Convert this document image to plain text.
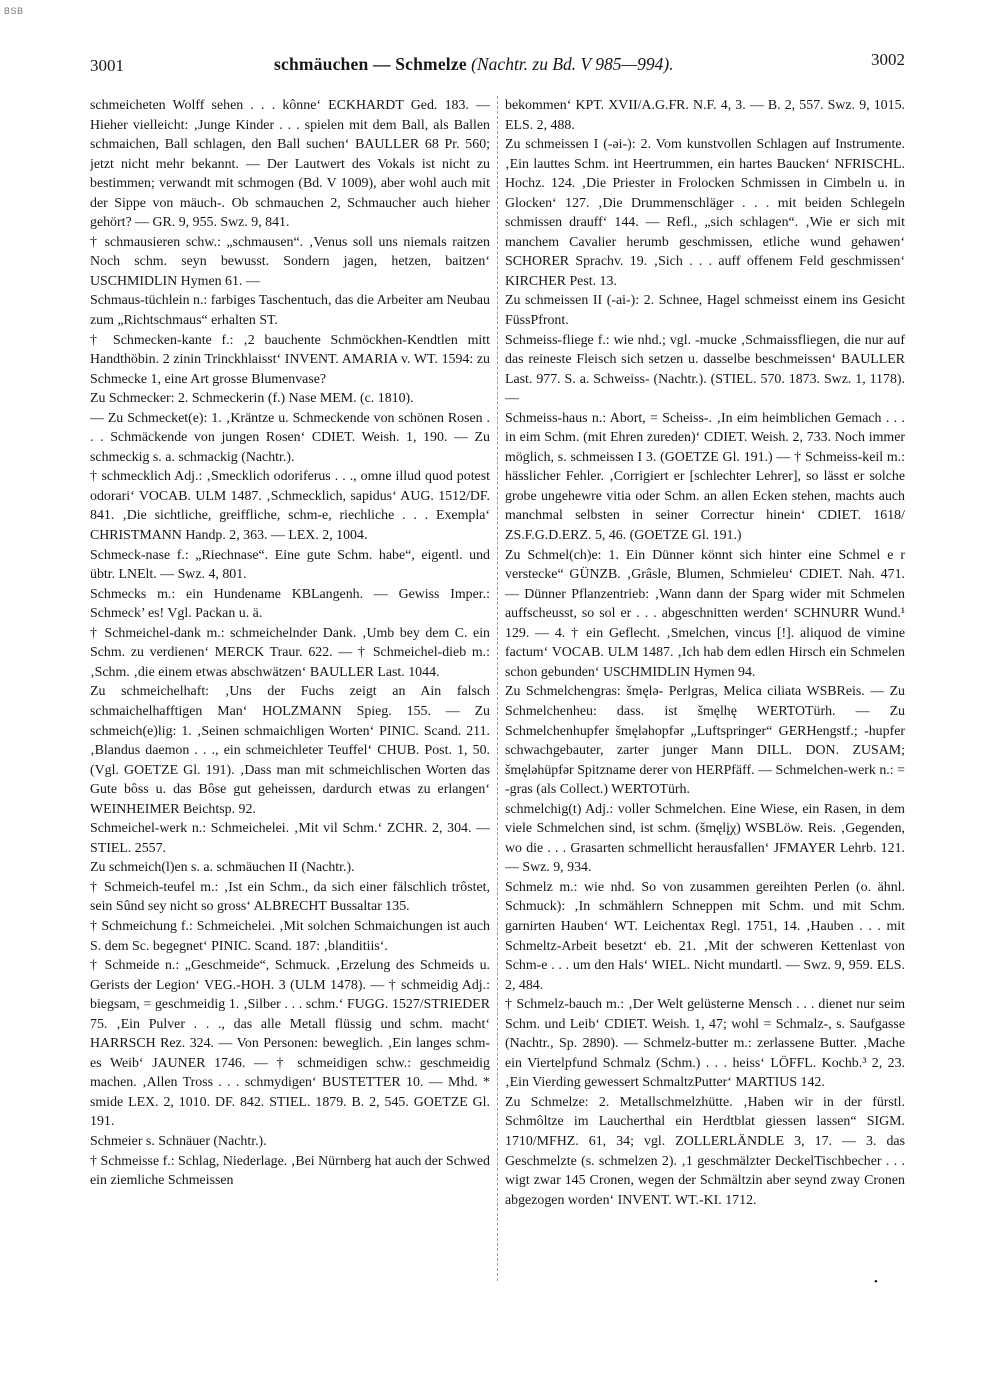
BSB
3001	schmäuchen — Schmelze (Nachtr. zu Bd. V 985—994).	3002

schmeicheten Wolff sehen . . . kônne‘ ECKHARDT Ged. 183. — Hieher vielleicht: ‚Junge Kinder . . . spielen mit dem Ball, als Ballen schmaichen, Ball schlagen, den Ball suchen‘ BAULLER 68 Pr. 560; jetzt nicht mehr bekannt. — Der Lautwert des Vokals ist nicht zu bestimmen; verwandt mit schmogen (Bd. V 1009), aber wohl auch mit der Sippe von mäuch-. Ob schmauchen 2, Schmaucher auch hieher gehört? — GR. 9, 955. Swz. 9, 841.

† schmausieren schw.: „schmausen“. ‚Venus soll uns niemals raitzen Noch schm. seyn bewusst. Sondern jagen, hetzen, baitzen‘ USCHMIDLIN Hymen 61. —

Schmaus-tüchlein n.: farbiges Taschentuch, das die Arbeiter am Neubau zum „Richtschmaus“ erhalten ST.

† Schmecken-kante f.: ‚2 bauchente Schmöckhen-Kendtlen mitt Handthöbin. 2 zinin Trinckhlaisst‘ INVENT. AMARIA v. WT. 1594: zu Schmecke 1, eine Art grosse Blumenvase?

Zu Schmecker: 2. Schmeckerin (f.) Nase MEM. (c. 1810).

— Zu Schmecket(e): 1. ‚Kräntze u. Schmeckende von schönen Rosen . . . Schmäckende von jungen Rosen‘ CDIET. Weish. 1, 190. — Zu schmeckig s. a. schmackig (Nachtr.).

† schmecklich Adj.: ‚Smecklich odoriferus . . ., omne illud quod potest odorari‘ VOCAB. ULM 1487. ‚Schmecklich, sapidus‘ AUG. 1512/DF. 841. ‚Die sichtliche, greiffliche, schm-e, riechliche . . . Exempla‘ CHRISTMANN Handp. 2, 363. — LEX. 2, 1004.

Schmeck-nase f.: „Riechnase“. Eine gute Schm. habe“, eigentl. und übtr. LNElt. — Swz. 4, 801.

Schmecks m.: ein Hundename KBLangenh. — Gewiss Imper.: Schmeck’ es! Vgl. Packan u. ä.

† Schmeichel-dank m.: schmeichelnder Dank. ‚Umb bey dem C. ein Schm. zu verdienen‘ MERCK Traur. 622. — † Schmeichel-dieb m.: ‚Schm. ‚die einem etwas abschwätzen‘ BAULLER Last. 1044.

Zu schmeichelhaft: ‚Uns der Fuchs zeigt an Ain falsch schmaichelhafftigen Man‘ HOLZMANN Spieg. 155. — Zu schmeich(e)lig: 1. ‚Seinen schmaichligen Worten‘ PINIC. Scand. 211. ‚Blandus daemon . . ., ein schmeichleter Teuffel‘ CHUB. Post. 1, 50. (Vgl. GOETZE Gl. 191). ‚Dass man mit schmeichlischen Worten das Gute bôss u. das Bôse gut geheissen, dardurch etwas zu erlangen‘ WEINHEIMER Beichtsp. 92.

Schmeichel-werk n.: Schmeichelei. ‚Mit vil Schm.‘ ZCHR. 2, 304. — STIEL. 2557.

Zu schmeich(l)en s. a. schmäuchen II (Nachtr.).

† Schmeich-teufel m.: ‚Ist ein Schm., da sich einer fälschlich trôstet, sein Sûnd sey nicht so gross‘ ALBRECHT Bussaltar 135.

† Schmeichung f.: Schmeichelei. ‚Mit solchen Schmaichungen ist auch S. dem Sc. begegnet‘ PINIC. Scand. 187: ‚blanditiis‘.

† Schmeide n.: „Geschmeide“, Schmuck. ‚Erzelung des Schmeids u. Gerists der Legion‘ VEG.-HOH. 3 (ULM 1478). — † schmeidig Adj.: biegsam, = geschmeidig 1. ‚Silber . . . schm.‘ FUGG. 1527/STRIEDER 75. ‚Ein Pulver . . ., das alle Metall flüssig und schm. macht‘ HARRSCH Rez. 324. — Von Personen: beweglich. ‚Ein langes schm-es Weib‘ JAUNER 1746. — † schmeidigen schw.: geschmeidig machen. ‚Allen Tross . . . schmydigen‘ BUSTETTER 10. — Mhd. * smide LEX. 2, 1010. DF. 842. STIEL. 1879. B. 2, 545. GOETZE Gl. 191.

Schmeier s. Schnäuer (Nachtr.).

† Schmeisse f.: Schlag, Niederlage. ‚Bei Nürnberg hat auch der Schwed ein ziemliche Schmeissen

bekommen‘ KPT. XVII/A.G.FR. N.F. 4, 3. — B. 2, 557. Swz. 9, 1015. ELS. 2, 488.

Zu schmeissen I (-əi-): 2. Vom kunstvollen Schlagen auf Instrumente. ‚Ein lauttes Schm. int Heertrummen, ein hartes Baucken‘ NFRISCHL. Hochz. 124. ‚Die Priester in Frolocken Schmissen in Cimbeln u. in Glocken‘ 127. ‚Die Drummenschläger . . . mit beiden Schlegeln schmissen drauff‘ 144. — Refl., „sich schlagen“. ‚Wie er sich mit manchem Cavalier herumb geschmissen, etliche wund gehawen‘ SCHORER Sprachv. 19. ‚Sich . . . auff offenem Feld geschmissen‘ KIRCHER Pest. 13.

Zu schmeissen II (-ai-): 2. Schnee, Hagel schmeisst einem ins Gesicht FüssPfront.

Schmeiss-fliege f.: wie nhd.; vgl. -mucke ‚Schmaissfliegen, die nur auf das reineste Fleisch sich setzen u. dasselbe beschmeissen‘ BAULLER Last. 977. S. a. Schweiss- (Nachtr.). (STIEL. 570. 1873. Swz. 1, 1178). —

Schmeiss-haus n.: Abort, = Scheiss-. ‚In eim heimblichen Gemach . . . in eim Schm. (mit Ehren zureden)‘ CDIET. Weish. 2, 733. Noch immer möglich, s. schmeissen I 3. (GOETZE Gl. 191.) — † Schmeiss-keil m.: hässlicher Fehler. ‚Corrigiert er [schlechter Lehrer], so lässt er solche grobe ungehewre vitia oder Schm. an allen Ecken stehen, machts auch manchmal selbsten in seiner Correctur hinein‘ CDIET. 1618/ ZS.F.G.D.ERZ. 5, 46. (GOETZE Gl. 191.)

Zu Schmel(ch)e: 1. Ein Dünner könnt sich hinter eine Schmel e r verstecke“ GÜNZB. ‚Grâsle, Blumen, Schmieleu‘ CDIET. Nah. 471. — Dünner Pflanzentrieb: ‚Wann dann der Sparg wider mit Schmelen auffscheusst, so sol er . . . abgeschnitten werden‘ SCHNURR Wund.¹ 129. — 4. † ein Geflecht. ‚Smelchen, vincus [!]. aliquod de vimine factum‘ VOCAB. ULM 1487. ‚Ich hab dem edlen Hirsch ein Schmelen schon gebunden‘ USCHMIDLIN Hymen 94.

Zu Schmelchengras: šmęlə- Perlgras, Melica ciliata WSBReis. — Zu Schmelchenheu: dass. ist šmęlhę WERTOTürh. — Zu Schmelchenhupfer šmęləhopfər „Luftspringer“ GERHengstf.; -hupfer schwachgebauter, zarter junger Mann DILL. DON. ZUSAM; šmęləhüpfər Spitzname derer von HERPfäff. — Schmelchen-werk n.: = -gras (als Collect.) WERTOTürh.

schmelchig(t) Adj.: voller Schmelchen. Eine Wiese, ein Rasen, in dem viele Schmelchen sind, ist schm. (šmęlįχ) WSBLöw. Reis. ‚Gegenden, wo die . . . Grasarten schmellicht herausfallen‘ JFMAYER Lehrb. 121. — Swz. 9, 934.

Schmelz m.: wie nhd. So von zusammen gereihten Perlen (o. ähnl. Schmuck): ‚In schmählern Schneppen mit Schm. und mit Schm. garnirten Hauben‘ WT. Leichentax Regl. 1751, 14. ‚Hauben . . . mit Schmeltz-Arbeit besetzt‘ eb. 21. ‚Mit der schweren Kettenlast von Schm-e . . . um den Hals‘ WIEL. Nicht mundartl. — Swz. 9, 959. ELS. 2, 484.

† Schmelz-bauch m.: ‚Der Welt gelüsterne Mensch . . . dienet nur seim Schm. und Leib‘ CDIET. Weish. 1, 47; wohl = Schmalz-, s. Saufgasse (Nachtr., Sp. 2890). — Schmelz-butter m.: zerlassene Butter. ‚Mache ein Viertelpfund Schmalz (Schm.) . . . heiss‘ LÖFFL. Kochb.³ 2, 23. ‚Ein Vierding gewessert SchmaltzPutter‘ MARTIUS 142.

Zu Schmelze: 2. Metallschmelzhütte. ‚Haben wir in der fürstl. Schmôltze im Laucherthal ein Herdtblat giessen lassen“ SIGM. 1710/MFHZ. 61, 34; vgl. ZOLLERLÄNDLE 3, 17. — 3. das Geschmelzte (s. schmelzen 2). ‚1 geschmälzter DeckelTischbecher . . . wigt zwar 145 Cronen, wegen der Schmältzin aber seynd zway Cronen abgezogen worden‘ INVENT. WT.-KI. 1712.

•
